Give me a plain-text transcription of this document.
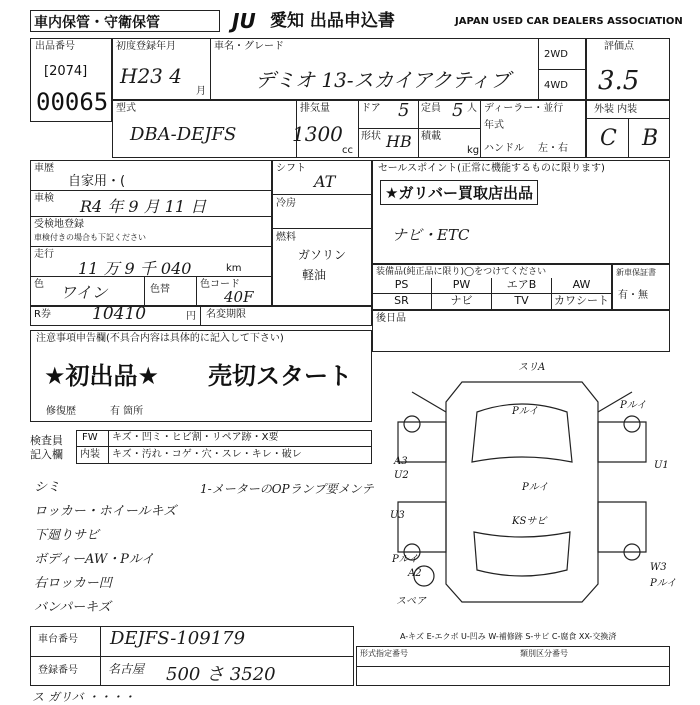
車内保管・守衛保管	JU 愛知 出品申込書	JAPAN USED CAR DEALERS ASSOCIATION
出品番号
[2074]
00065
初度登録年月
H23 4
月
車名・グレード
デミオ 13-スカイアクティブ
2WD
4WD
評価点
3.5
型式
DBA-DEJFS
排気量
1300
cc
ドア 5 定員 5 人
形状 HB 積載
kg
ディーラー・並行
年式
ハンドル 左・右
外装 内装
C B
車歴
自家用・(
車検 R4 年 9 月 11 日
受検地登録
車検付きの場合も下記ください
走行
11 万 9 千 040	km
色 ワイン	色替	色コード
40F
シフト
AT
冷房
燃料
ガソリン
軽油
セールスポイント(正常に機能するものに限ります)
★ガリバー買取店出品
ナビ・ETC
装備品(純正品に限り)◯をつけてください
PS	PW	エアB	AW
SR	ナビ	TV	カワシート
新車保証書
有・無
R券 10410	円 名変期限	後日品
注意事項申告欄(不具合内容は具体的に記入して下さい)
★初出品★ 売切スタート
修復歴	有 箇所
検査員記入欄
FW キズ・凹ミ・ヒビ割・リペア跡・X要
内装 キズ・汚れ・コゲ・穴・スレ・キレ・破レ
シミ
ロッカー・ホイールキズ
下廻りサビ
ボディーAW・Pルイ
右ロッカー凹
バンパーキズ
1-メーターのOPランプ要メンテ
スリA
Pルイ
Pルイ
Pルイ
Pルイ
Pルイ
KSサビ
A3
U2
U3
U1
A2
W3
スペア
A-キズ E-エクボ U-凹み W-補修跡 S-サビ C-腐食 XX-交換済
車台番号 DEJFS-109179
登録番号	名古屋 500 さ 3520
形式指定番号	類別区分番号
ス ガリバ ・・・・
